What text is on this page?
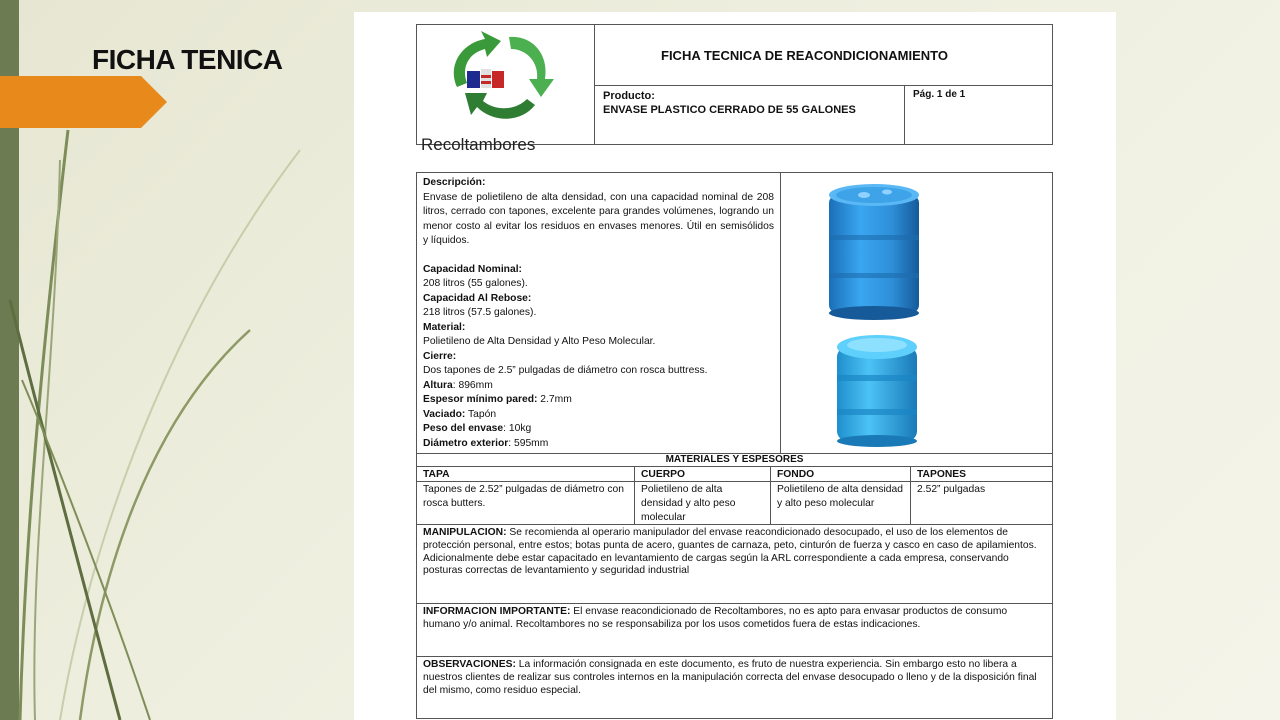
FICHA TENICA
Recoltambores
FICHA TECNICA DE REACONDICIONAMIENTO
Producto:
ENVASE PLASTICO CERRADO DE 55 GALONES
Pág. 1 de 1

Descripción:

Envase de polietileno de alta densidad, con una capacidad nominal de 208 litros, cerrado con tapones, excelente para grandes volúmenes, logrando un menor costo al evitar los residuos en envases menores. Útil en semisólidos y líquidos.

Capacidad Nominal:

208 litros (55 galones).

Capacidad Al Rebose:

218 litros (57.5 galones).

Material:

Polietileno de Alta Densidad y Alto Peso Molecular.

Cierre:

Dos tapones de 2.5” pulgadas de diámetro con rosca buttress.

Altura: 896mm

Espesor mínimo pared: 2.7mm

Vaciado: Tapón

Peso del envase: 10kg

Diámetro exterior: 595mm

MATERIALES Y ESPESORES
TAPA
Tapones de 2.52” pulgadas de diámetro con rosca butters.
CUERPO
Polietileno de alta densidad y alto peso molecular
FONDO
Polietileno de alta densidad y alto peso molecular
TAPONES
2.52” pulgadas
MANIPULACION: Se recomienda al operario manipulador del envase reacondicionado desocupado, el uso de los elementos de protección personal, entre estos; botas punta de acero, guantes de carnaza, peto, cinturón de fuerza y casco en caso de apilamientos. Adicionalmente debe estar capacitado en levantamiento de cargas según la ARL correspondiente a cada empresa, conservando posturas correctas de levantamiento y seguridad industrial
INFORMACION IMPORTANTE: El envase reacondicionado de Recoltambores, no es apto para envasar productos de consumo humano y/o animal. Recoltambores no se responsabiliza por los usos cometidos fuera de estas indicaciones.
OBSERVACIONES: La información consignada en este documento, es fruto de nuestra experiencia. Sin embargo esto no libera a nuestros clientes de realizar sus controles internos en la manipulación correcta del envase desocupado o lleno y de la disposición final del mismo, como residuo especial.
